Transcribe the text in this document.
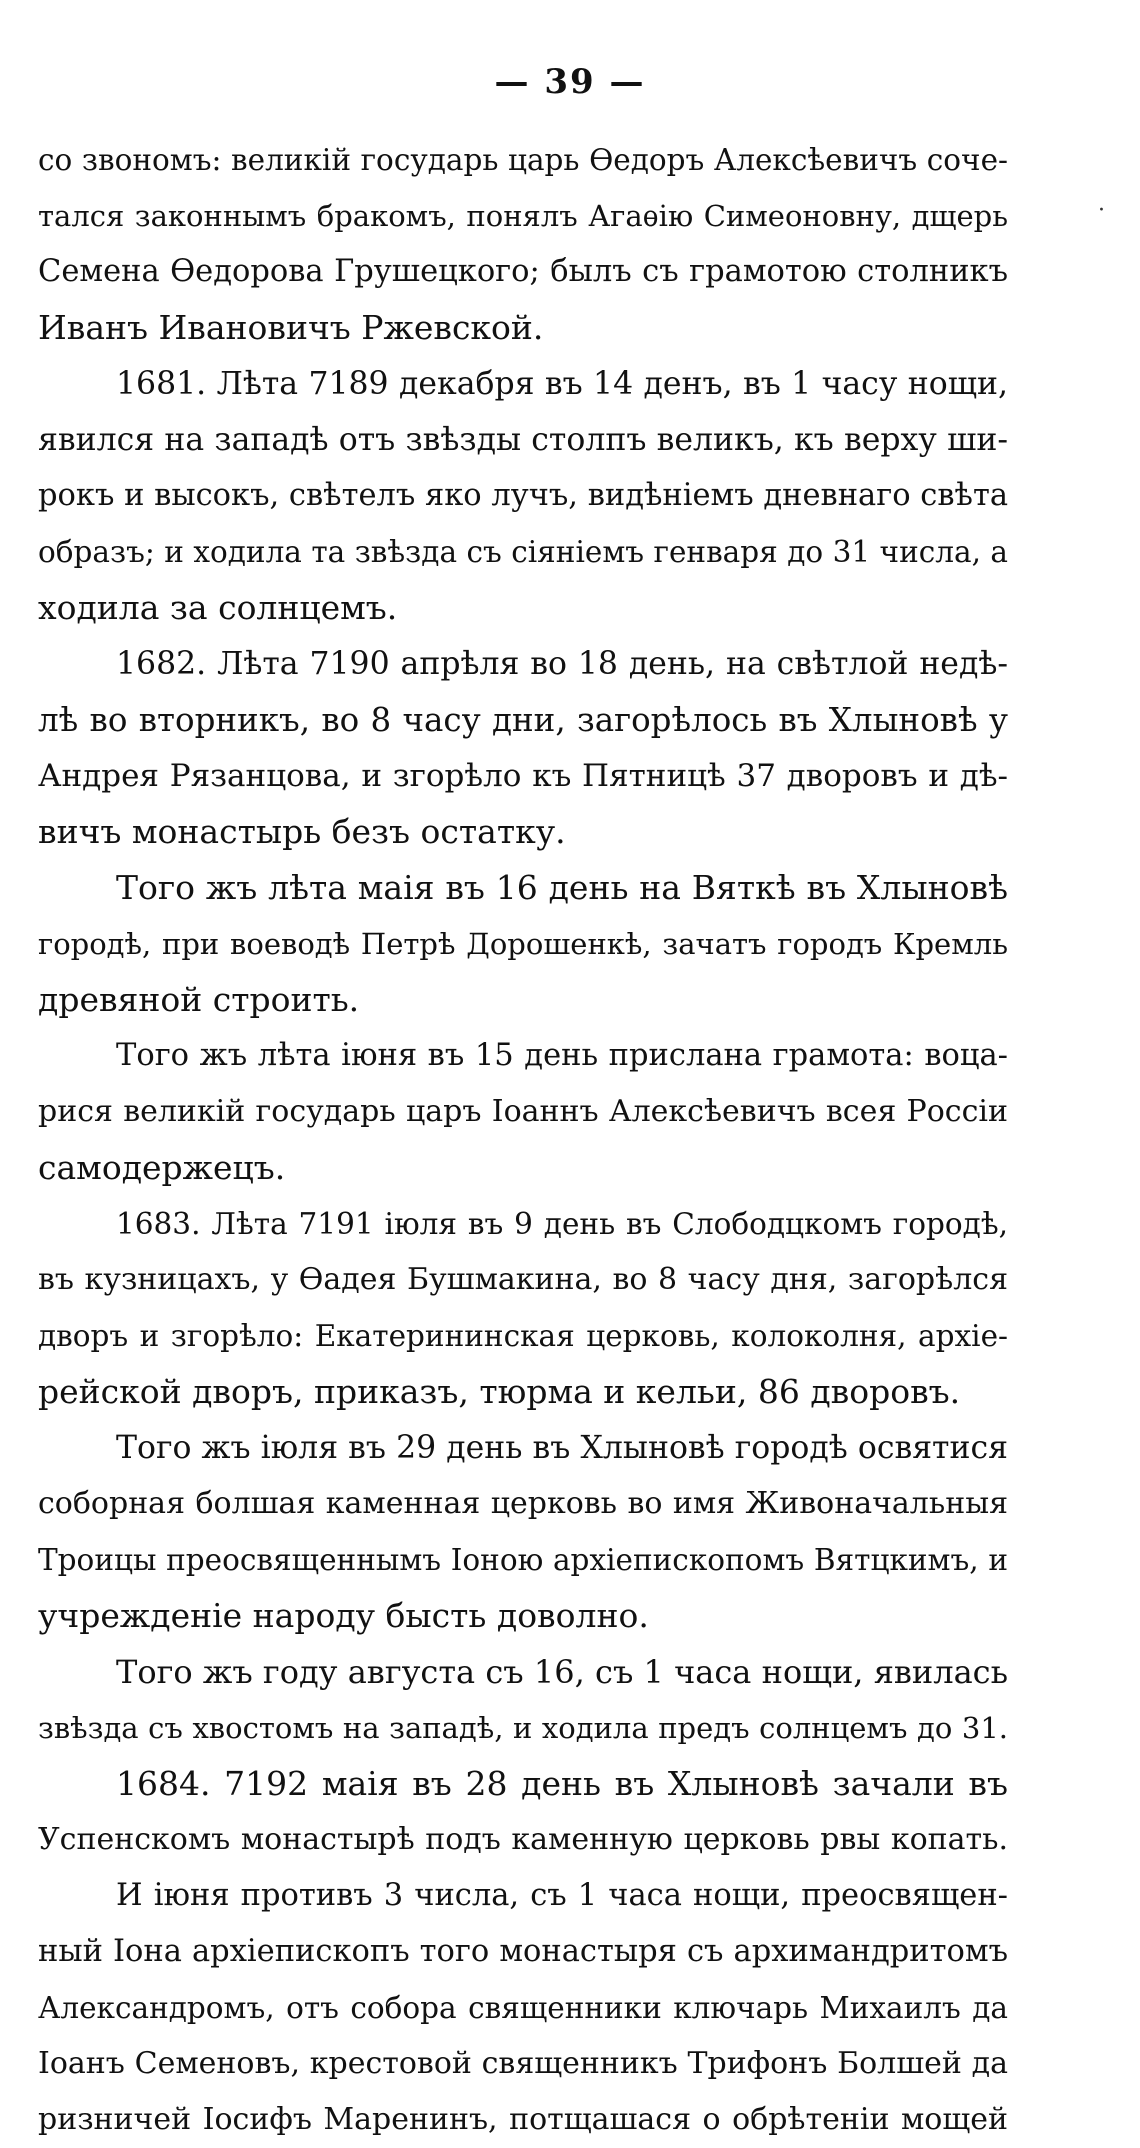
— 39 —
·
со звономъ: великій государь царь Ѳедоръ Алексѣевичъ соче-
тался законнымъ бракомъ, понялъ Агаѳію Симеоновну, дщерь
Семена Ѳедорова Грушецкого; былъ съ грамотою столникъ
Иванъ Ивановичъ Ржевской.
1681. Лѣта 7189 декабря въ 14 денъ, въ 1 часу нощи,
явился на западѣ отъ звѣзды столпъ великъ, къ верху ши-
рокъ и высокъ, свѣтелъ яко лучъ, видѣніемъ дневнаго свѣта
образъ; и ходила та звѣзда съ сіяніемъ генваря до 31 числа, а
ходила за солнцемъ.
1682. Лѣта 7190 апрѣля во 18 день, на свѣтлой недѣ-
лѣ во вторникъ, во 8 часу дни, загорѣлось въ Хлыновѣ у
Андрея Рязанцова, и згорѣло къ Пятницѣ 37 дворовъ и дѣ-
вичъ монастырь безъ остатку.
Того жъ лѣта маія въ 16 день на Вяткѣ въ Хлыновѣ
городѣ, при воеводѣ Петрѣ Дорошенкѣ, зачатъ городъ Кремль
древяной строить.
Того жъ лѣта іюня въ 15 день прислана грамота: воца-
рися великій государь царъ Іоаннъ Алексѣевичъ всея Россіи
самодержецъ.
1683. Лѣта 7191 іюля въ 9 день въ Слободцкомъ городѣ,
въ кузницахъ, у Ѳадея Бушмакина, во 8 часу дня, загорѣлся
дворъ и згорѣло: Екатерининская церковь, колоколня, архіе-
рейской дворъ, приказъ, тюрма и кельи, 86 дворовъ.
Того жъ іюля въ 29 день въ Хлыновѣ городѣ освятися
соборная болшая каменная церковь во имя Живоначальныя
Троицы преосвященнымъ Іоною архіепископомъ Вятцкимъ, и
учрежденіе народу бысть доволно.
Того жъ году августа съ 16, съ 1 часа нощи, явилась
звѣзда съ хвостомъ на западѣ, и ходила предъ солнцемъ до 31.
1684. 7192 маія въ 28 день въ Хлыновѣ зачали въ
Успенскомъ монастырѣ подъ каменную церковь рвы копать.
И іюня противъ 3 числа, съ 1 часа нощи, преосвящен-
ный Іона архіепископъ того монастыря съ архимандритомъ
Александромъ, отъ собора священники ключарь Михаилъ да
Іоанъ Семеновъ, крестовой священникъ Трифонъ Болшей да
ризничей Іосифъ Маренинъ, потщашася о обрѣтеніи мощей
